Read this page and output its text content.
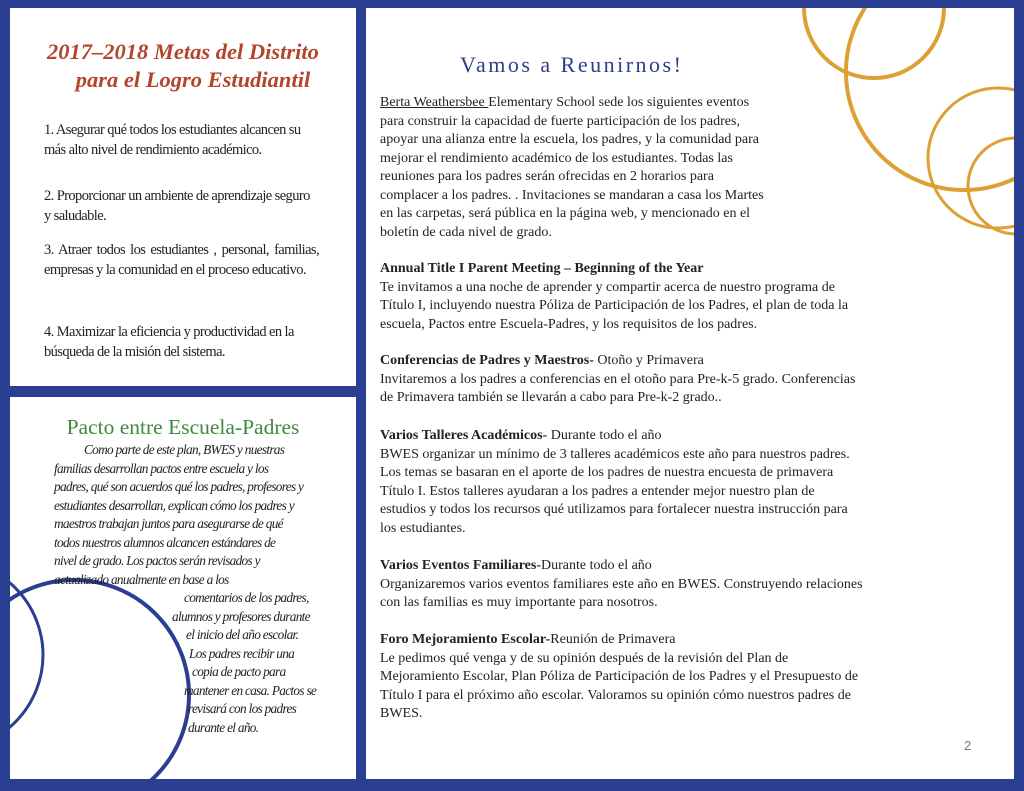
2017–2018 Metas del Distrito
para el Logro Estudiantil
1. Asegurar qué todos los estudiantes alcancen su más alto nivel de rendimiento académico.
2. Proporcionar un ambiente de aprendizaje seguro y saludable.
3. Atraer todos los estudiantes , personal, familias, empresas y la comunidad en el proceso educativo.
4. Maximizar la eficiencia y productividad en la búsqueda de la misión del sistema.
Pacto entre Escuela-Padres
Como parte de este plan, BWES y nuestras
familias desarrollan pactos entre escuela y los
padres, qué son acuerdos qué los padres, profesores y
estudiantes desarrollan, explican cómo los padres y
maestros trabajan juntos para asegurarse de qué
todos nuestros alumnos alcancen estándares de
nivel de grado. Los pactos serán revisados y
actualizado anualmente en base a los
comentarios de los padres,
alumnos y profesores durante
el inicio del año escolar.
Los padres recibir una
copia de pacto para
mantener en casa. Pactos se
revisará con los padres
durante el año.
Vamos a Reunirnos!
Berta Weathersbee Elementary School sede los siguientes eventos
para construir la capacidad de fuerte participación de los padres,
apoyar una alianza entre la escuela, los padres, y la comunidad para
mejorar el rendimiento académico de los estudiantes. Todas las
reuniones para los padres serán ofrecidas en 2 horarios para
complacer a los padres. . Invitaciones se mandaran a casa los Martes
en las carpetas, será pública en la página web, y mencionado en el
boletín de cada nivel de grado.
Annual Title I Parent Meeting – Beginning of the Year
Te invitamos a una noche de aprender y compartir acerca de nuestro programa de
Título I, incluyendo nuestra Póliza de Participación de los Padres, el plan de toda la
escuela, Pactos entre Escuela-Padres, y los requisitos de los padres.
Conferencias de Padres y Maestros- Otoño y Primavera
Invitaremos a los padres a conferencias en el otoño para Pre-k-5 grado. Conferencias
de Primavera también se llevarán a cabo para Pre-k-2 grado..
Varios Talleres Académicos- Durante todo el año
BWES organizar un mínimo de 3 talleres académicos este año para nuestros padres.
Los temas se basaran en el aporte de los padres de nuestra encuesta de primavera
Título I. Estos talleres ayudaran a los padres a entender mejor nuestro plan de
estudios y todos los recursos qué utilizamos para fortalecer nuestra instrucción para
los estudiantes.
Varios Eventos Familiares-Durante todo el año
Organizaremos varios eventos familiares este año en BWES. Construyendo relaciones
con las familias es muy importante para nosotros.
Foro Mejoramiento Escolar-Reunión de Primavera
Le pedimos qué venga y de su opinión después de la revisión del Plan de
Mejoramiento Escolar, Plan Póliza de Participación de los Padres y el Presupuesto de
Título I para el próximo año escolar. Valoramos su opinión cómo nuestros padres de
BWES.
2
